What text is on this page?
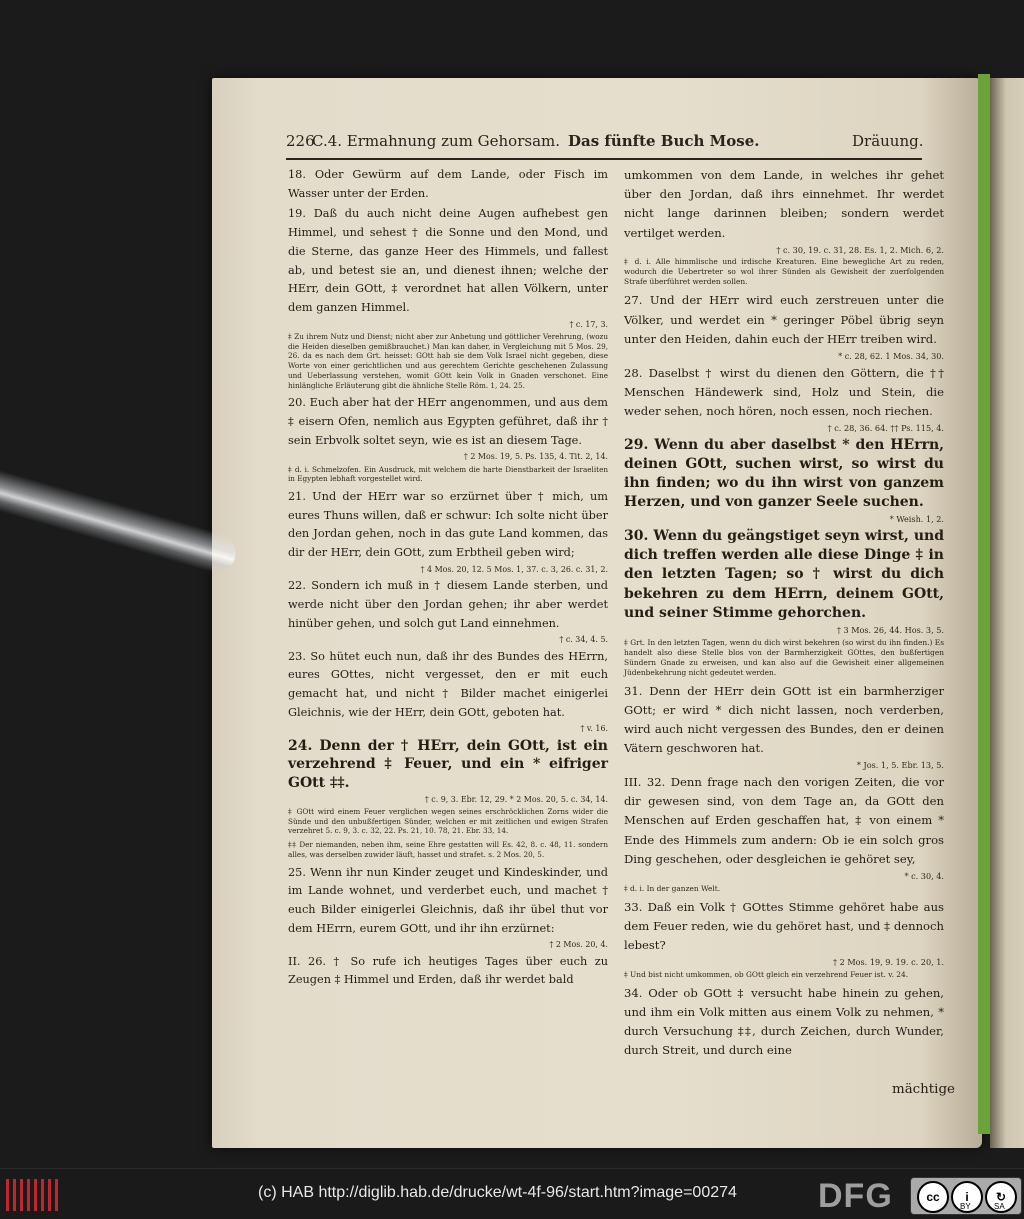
226
C.4. Ermahnung zum Gehorsam. Das fünfte Buch Mose.	Dräuung.

18. Oder Gewürm auf dem Lande, oder Fisch im Wasser unter der Erden.

19. Daß du auch nicht deine Augen aufhebest gen Himmel, und sehest † die Sonne und den Mond, und die Sterne, das ganze Heer des Himmels, und fallest ab, und betest sie an, und dienest ihnen; welche der HErr, dein GOtt, ‡ verordnet hat allen Völkern, unter dem ganzen Himmel.

† c. 17, 3.

‡ Zu ihrem Nutz und Dienst; nicht aber zur Anbetung und göttlicher Verehrung, (wozu die Heiden dieselben gemißbrauchet.) Man kan daher, in Vergleichung mit 5 Mos. 29, 26. da es nach dem Grt. heisset: GOtt hab sie dem Volk Israel nicht gegeben, diese Worte von einer gerichtlichen und aus gerechtem Gerichte geschehenen Zulassung und Ueberlassung verstehen, womit GOtt kein Volk in Gnaden verschonet. Eine hinlängliche Erläuterung gibt die ähnliche Stelle Röm. 1, 24. 25.

20. Euch aber hat der HErr angenommen, und aus dem ‡ eisern Ofen, nemlich aus Egypten geführet, daß ihr † sein Erbvolk soltet seyn, wie es ist an diesem Tage.

† 2 Mos. 19, 5. Ps. 135, 4. Tit. 2, 14.

‡ d. i. Schmelzofen. Ein Ausdruck, mit welchem die harte Dienstbarkeit der Israeliten in Egypten lebhaft vorgestellet wird.

21. Und der HErr war so erzürnet über † mich, um eures Thuns willen, daß er schwur: Ich solte nicht über den Jordan gehen, noch in das gute Land kommen, das dir der HErr, dein GOtt, zum Erbtheil geben wird;

† 4 Mos. 20, 12. 5 Mos. 1, 37. c. 3, 26. c. 31, 2.

22. Sondern ich muß in † diesem Lande sterben, und werde nicht über den Jordan gehen; ihr aber werdet hinüber gehen, und solch gut Land einnehmen.

† c. 34, 4. 5.

23. So hütet euch nun, daß ihr des Bundes des HErrn, eures GOttes, nicht vergesset, den er mit euch gemacht hat, und nicht † Bilder machet einigerlei Gleichnis, wie der HErr, dein GOtt, geboten hat.

† v. 16.

24. Denn der † HErr, dein GOtt, ist ein verzehrend ‡ Feuer, und ein * eifriger GOtt ‡‡.

† c. 9, 3. Ebr. 12, 29. * 2 Mos. 20, 5. c. 34, 14.

‡ GOtt wird einem Feuer verglichen wegen seines erschröcklichen Zorns wider die Sünde und den unbußfertigen Sünder, welchen er mit zeitlichen und ewigen Strafen verzehret 5. c. 9, 3. c. 32, 22. Ps. 21, 10. 78, 21. Ebr. 33, 14.

‡‡ Der niemanden, neben ihm, seine Ehre gestatten will Es. 42, 8. c. 48, 11. sondern alles, was derselben zuwider läuft, hasset und strafet. s. 2 Mos. 20, 5.

25. Wenn ihr nun Kinder zeuget und Kindeskinder, und im Lande wohnet, und verderbet euch, und machet † euch Bilder einigerlei Gleichnis, daß ihr übel thut vor dem HErrn, eurem GOtt, und ihr ihn erzürnet:

† 2 Mos. 20, 4.

II. 26. † So rufe ich heutiges Tages über euch zu Zeugen ‡ Himmel und Erden, daß ihr werdet bald

umkommen von dem Lande, in welches ihr gehet über den Jordan, daß ihrs einnehmet. Ihr werdet nicht lange darinnen bleiben; sondern werdet vertilget werden.

† c. 30, 19. c. 31, 28. Es. 1, 2. Mich. 6, 2.

‡ d. i. Alle himmlische und irdische Kreaturen. Eine bewegliche Art zu reden, wodurch die Uebertreter so wol ihrer Sünden als Gewisheit der zuerfolgenden Strafe überführet werden sollen.

27. Und der HErr wird euch zerstreuen unter die Völker, und werdet ein * geringer Pöbel übrig seyn unter den Heiden, dahin euch der HErr treiben wird.

* c. 28, 62. 1 Mos. 34, 30.

28. Daselbst † wirst du dienen den Göttern, die †† Menschen Händewerk sind, Holz und Stein, die weder sehen, noch hören, noch essen, noch riechen.

† c. 28, 36. 64. †† Ps. 115, 4.

29. Wenn du aber daselbst * den HErrn, deinen GOtt, suchen wirst, so wirst du ihn finden; wo du ihn wirst von ganzem Herzen, und von ganzer Seele suchen.

* Weish. 1, 2.

30. Wenn du geängstiget seyn wirst, und dich treffen werden alle diese Dinge ‡ in den letzten Tagen; so † wirst du dich bekehren zu dem HErrn, deinem GOtt, und seiner Stimme gehorchen.

† 3 Mos. 26, 44. Hos. 3, 5.

‡ Grt. In den letzten Tagen, wenn du dich wirst bekehren (so wirst du ihn finden.) Es handelt also diese Stelle blos von der Barmherzigkeit GOttes, den bußfertigen Sündern Gnade zu erweisen, und kan also auf die Gewisheit einer allgemeinen Jüdenbekehrung nicht gedeutet werden.

31. Denn der HErr dein GOtt ist ein barmherziger GOtt; er wird * dich nicht lassen, noch verderben, wird auch nicht vergessen des Bundes, den er deinen Vätern geschworen hat.

* Jos. 1, 5. Ebr. 13, 5.

III. 32. Denn frage nach den vorigen Zeiten, die vor dir gewesen sind, von dem Tage an, da GOtt den Menschen auf Erden geschaffen hat, ‡ von einem * Ende des Himmels zum andern: Ob ie ein solch gros Ding geschehen, oder desgleichen ie gehöret sey,

* c. 30, 4.

‡ d. i. In der ganzen Welt.

33. Daß ein Volk † GOttes Stimme gehöret habe aus dem Feuer reden, wie du gehöret hast, und ‡ dennoch lebest?

† 2 Mos. 19, 9. 19. c. 20, 1.

‡ Und bist nicht umkommen, ob GOtt gleich ein verzehrend Feuer ist. v. 24.

34. Oder ob GOtt ‡ versucht habe hinein zu gehen, und ihm ein Volk mitten aus einem Volk zu nehmen, * durch Versuchung ‡‡, durch Zeichen, durch Wunder, durch Streit, und durch eine

mächtige
(c) HAB http://diglib.hab.de/drucke/wt-4f-96/start.htm?image=00274 DFG	cc	i	↻
BY	SA
